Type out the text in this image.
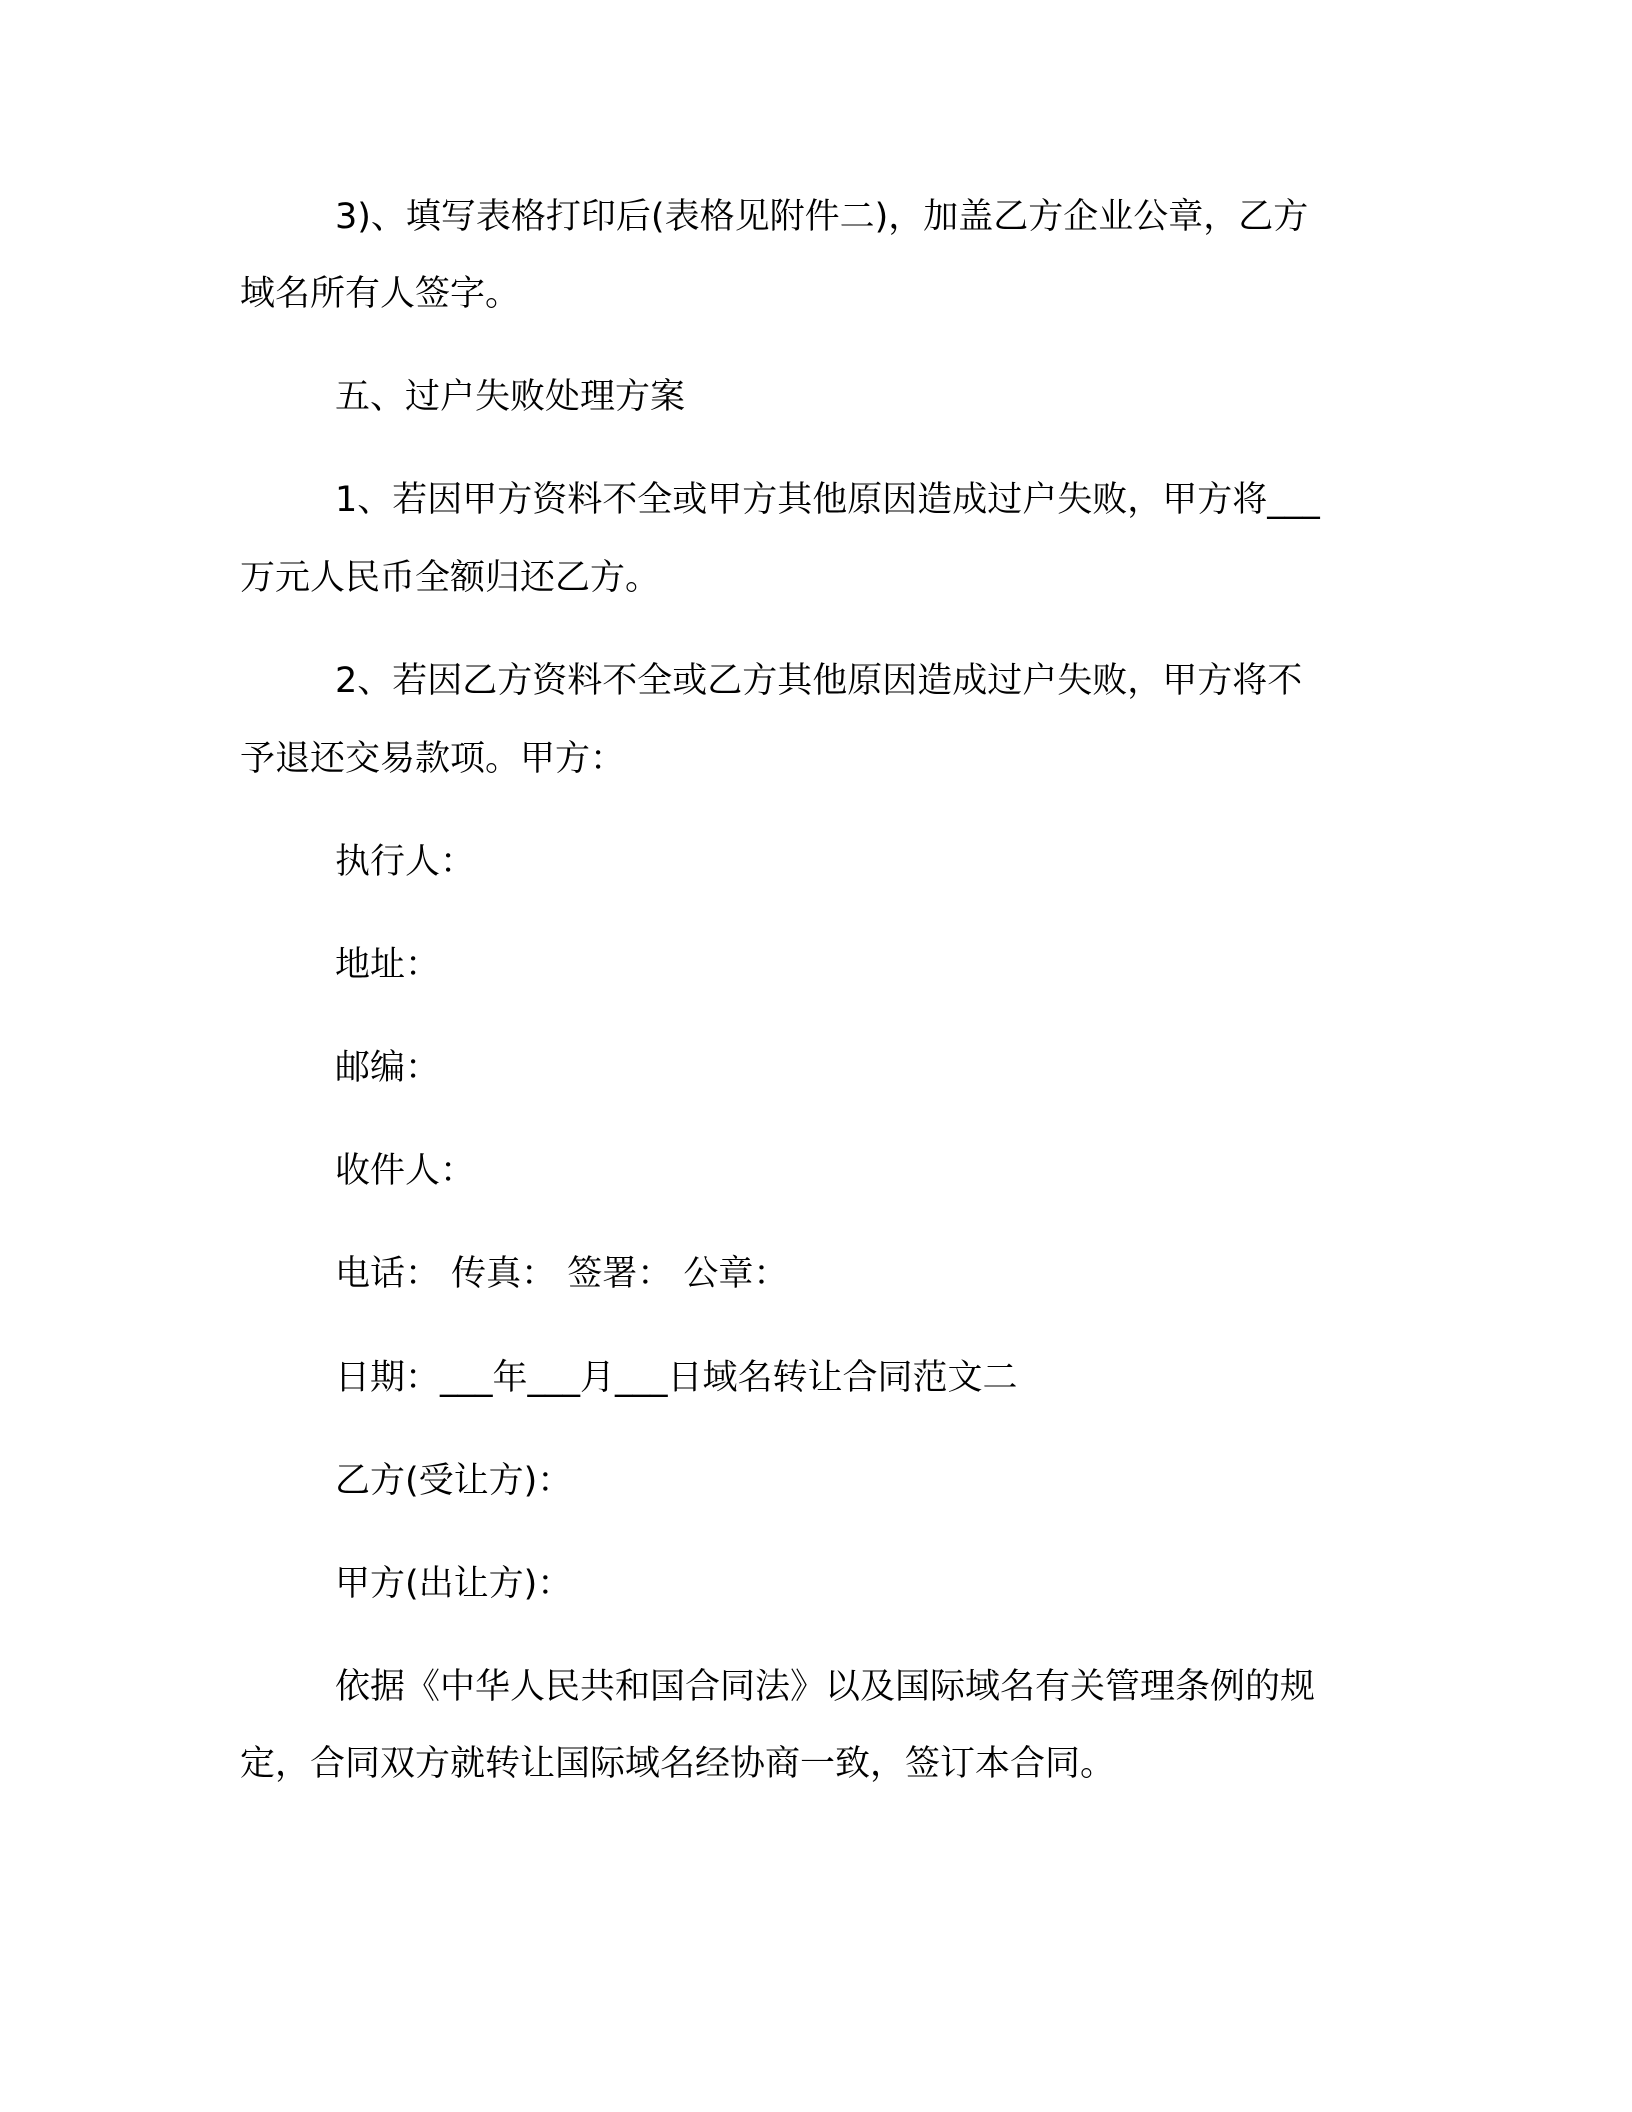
3)、填写表格打印后(表格见附件二)，加盖乙方企业公章，乙方

域名所有人签字。

五、过户失败处理方案

1、若因甲方资料不全或甲方其他原因造成过户失败，甲方将___

万元人民币全额归还乙方。

2、若因乙方资料不全或乙方其他原因造成过户失败，甲方将不

予退还交易款项。甲方：

执行人：

地址：

邮编：

收件人：

电话： 传真： 签署： 公章：

日期：___年___月___日域名转让合同范文二

乙方(受让方)：

甲方(出让方)：

依据《中华人民共和国合同法》以及国际域名有关管理条例的规

定，合同双方就转让国际域名经协商一致，签订本合同。
